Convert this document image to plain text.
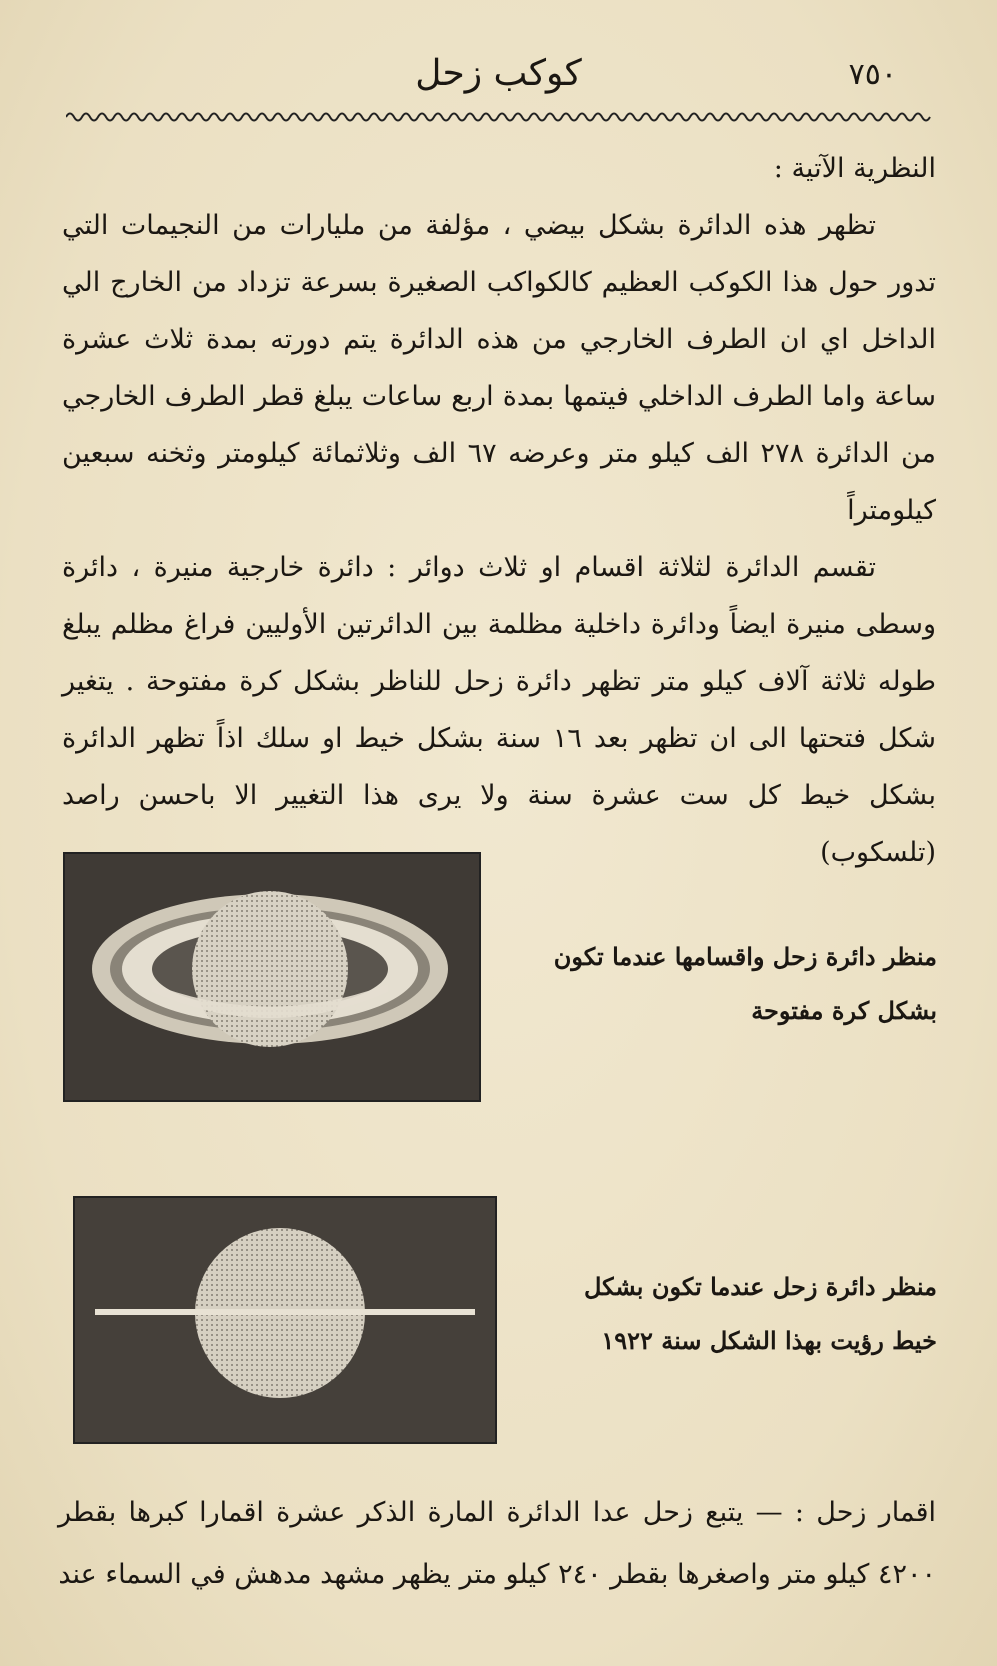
٧٥٠
كوكب زحل

النظرية الآتية :

تظهر هذه الدائرة بشكل بيضي ، مؤلفة من مليارات من النجيمات التي تدور حول هذا الكوكب العظيم كالكواكب الصغيرة بسرعة تزداد من الخارج الي الداخل اي ان الطرف الخارجي من هذه الدائرة يتم دورته بمدة ثلاث عشرة ساعة واما الطرف الداخلي فيتمها بمدة اربع ساعات يبلغ قطر الطرف الخارجي من الدائرة ٢٧٨ الف كيلو متر وعرضه ٦٧ الف وثلاثمائة كيلومتر وثخنه سبعين كيلومتراً

تقسم الدائرة لثلاثة اقسام او ثلاث دوائر : دائرة خارجية منيرة ، دائرة وسطى منيرة ايضاً ودائرة داخلية مظلمة بين الدائرتين الأوليين فراغ مظلم يبلغ طوله ثلاثة آلاف كيلو متر تظهر دائرة زحل للناظر بشكل كرة مفتوحة . يتغير شكل فتحتها الى ان تظهر بعد ١٦ سنة بشكل خيط او سلك اذاً تظهر الدائرة بشكل خيط كل ست عشرة سنة ولا يرى هذا التغيير الا باحسن راصد (تلسكوب)

منظر دائرة زحل واقسامها عندما تكون
بشكل كرة مفتوحة
منظر دائرة زحل عندما تكون بشكل
خيط رؤيت بهذا الشكل سنة ١٩٢٢

اقمار زحل : — يتبع زحل عدا الدائرة المارة الذكر عشرة اقمارا كبرها بقطر ٤٢٠٠ كيلو متر واصغرها بقطر ٢٤٠ كيلو متر يظهر مشهد مدهش في السماء عند
